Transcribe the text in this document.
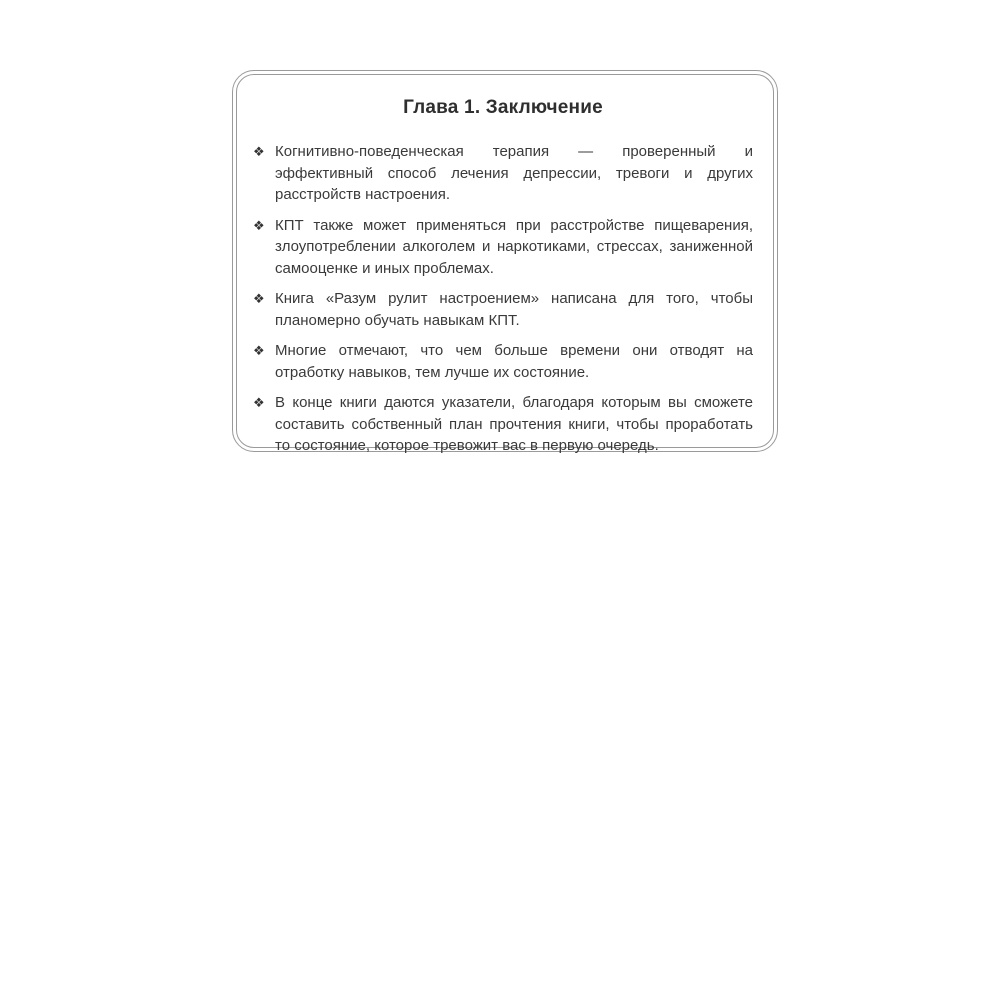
Глава 1. Заключение
❖ Когнитивно-поведенческая терапия — проверенный и эффективный способ лечения депрессии, тревоги и других расстройств настроения.
❖ КПТ также может применяться при расстройстве пищеварения, злоупотреблении алкоголем и наркотиками, стрессах, заниженной самооценке и иных проблемах.
❖ Книга «Разум рулит настроением» написана для того, чтобы планомерно обучать навыкам КПТ.
❖ Многие отмечают, что чем больше времени они отводят на отработку навыков, тем лучше их состояние.
❖ В конце книги даются указатели, благодаря которым вы сможете составить собственный план прочтения книги, чтобы проработать то состояние, которое тревожит вас в первую очередь.
